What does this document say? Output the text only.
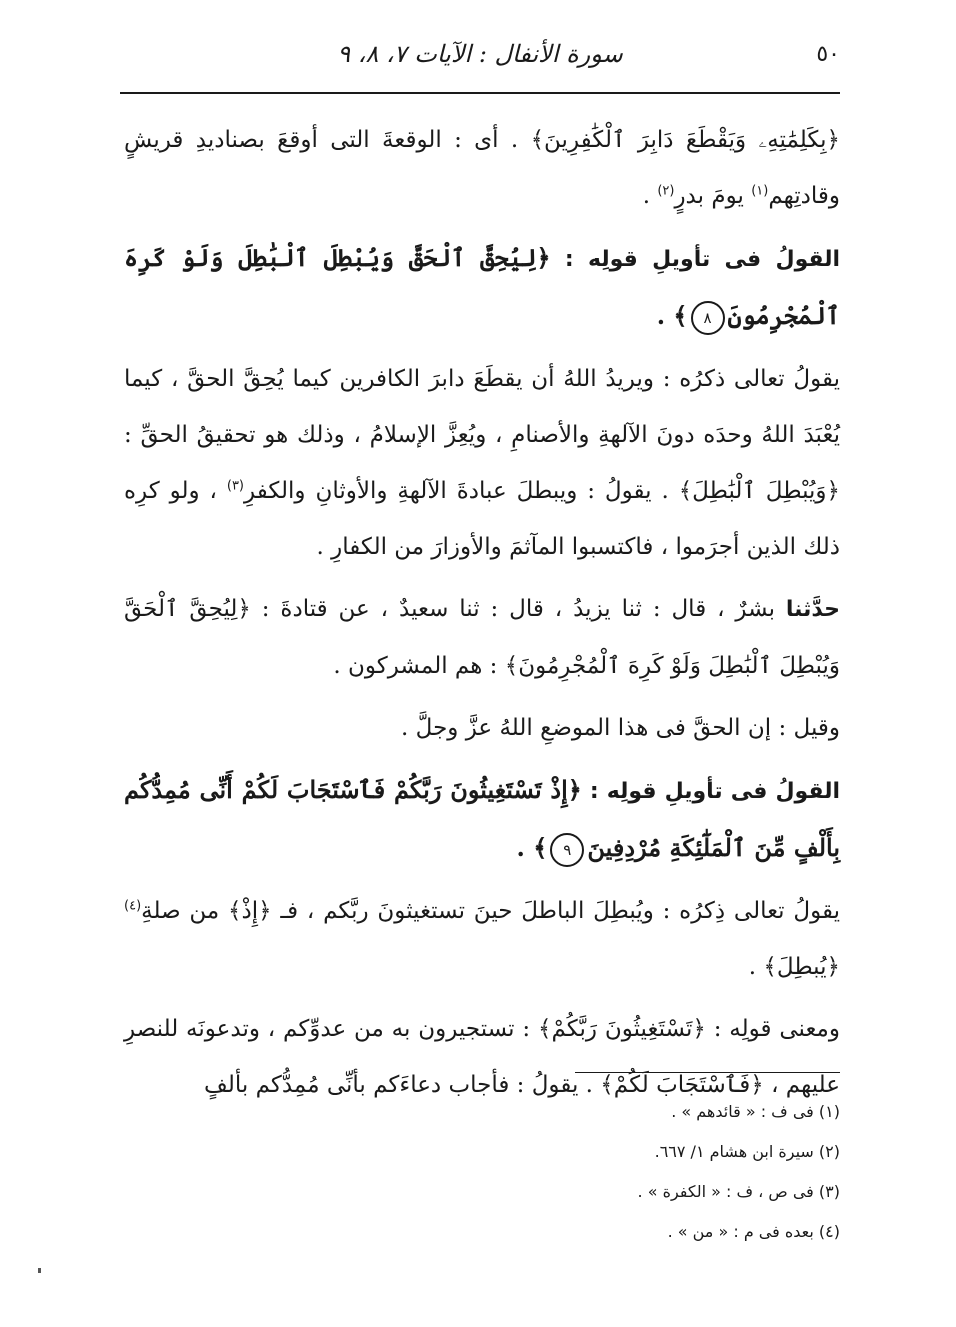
٥٠
سورة الأنفال : الآيات ٧، ٨، ٩

﴿بِكَلِمَٰتِهِۦ وَيَقْطَعَ دَابِرَ ٱلْكَٰفِرِينَ﴾ . أى : الوقعةَ التى أوقعَ بصناديدِ قريشٍ وقادتِهم$^{(١)}$ يومَ بدرٍ$^{(٢)}$ .

القولُ فى تأويلِ قولِه : ﴿لِيُحِقَّ ٱلْحَقَّ وَيُبْطِلَ ٱلْبَٰطِلَ وَلَوْ كَرِهَ ٱلْمُجْرِمُونَ٨﴾ .

يقولُ تعالى ذكرُه : ويريدُ اللهُ أن يقطَعَ دابرَ الكافرين كيما يُحِقَّ الحقَّ ، كيما يُعْبَدَ اللهُ وحدَه دونَ الآلهةِ والأصنامِ ، ويُعِزَّ الإسلامُ ، وذلك هو تحقيقُ الحقِّ : ﴿وَيُبْطِلَ ٱلْبَٰطِلَ﴾ . يقولُ : ويبطلَ عبادةَ الآلهةِ والأوثانِ والكفرِ$^{(٣)}$ ، ولو كرِه ذلك الذين أجرَموا ، فاكتسبوا المآثمَ والأوزارَ من الكفارِ .

حدَّثنا بشرٌ ، قال : ثنا يزيدُ ، قال : ثنا سعيدٌ ، عن قتادةَ : ﴿لِيُحِقَّ ٱلْحَقَّ وَيُبْطِلَ ٱلْبَٰطِلَ وَلَوْ كَرِهَ ٱلْمُجْرِمُونَ﴾ : هم المشركون .

وقيل : إن الحقَّ فى هذا الموضعِ اللهُ عزَّ وجلَّ .

القولُ فى تأويلِ قولِه : ﴿إِذْ تَسْتَغِيثُونَ رَبَّكُمْ فَٱسْتَجَابَ لَكُمْ أَنِّى مُمِدُّكُم بِأَلْفٍ مِّنَ ٱلْمَلَٰٓئِكَةِ مُرْدِفِينَ٩﴾ .

يقولُ تعالى ذِكرُه : ويُبطِلَ الباطلَ حينَ تستغيثونَ ربَّكم ، فـ ﴿إِذْ﴾ من صلةِ$^{(٤)}$ ﴿يُبطِلَ﴾ .

ومعنى قولِه : ﴿تَسْتَغِيثُونَ رَبَّكُمْ﴾ : تستجيرون به من عدوِّكم ، وتدعونَه للنصرِ عليهم ، ﴿فَٱسْتَجَابَ لَكُمْ﴾ . يقولُ : فأجاب دعاءَكم بأنِّى مُمِدُّكم بألفٍ

(١) فى ف : « قائدهم » .
(٢) سيرة ابن هشام ١/ ٦٦٧.
(٣) فى ص ، ف : « الكفرة » .
(٤) بعده فى م : « من » .
